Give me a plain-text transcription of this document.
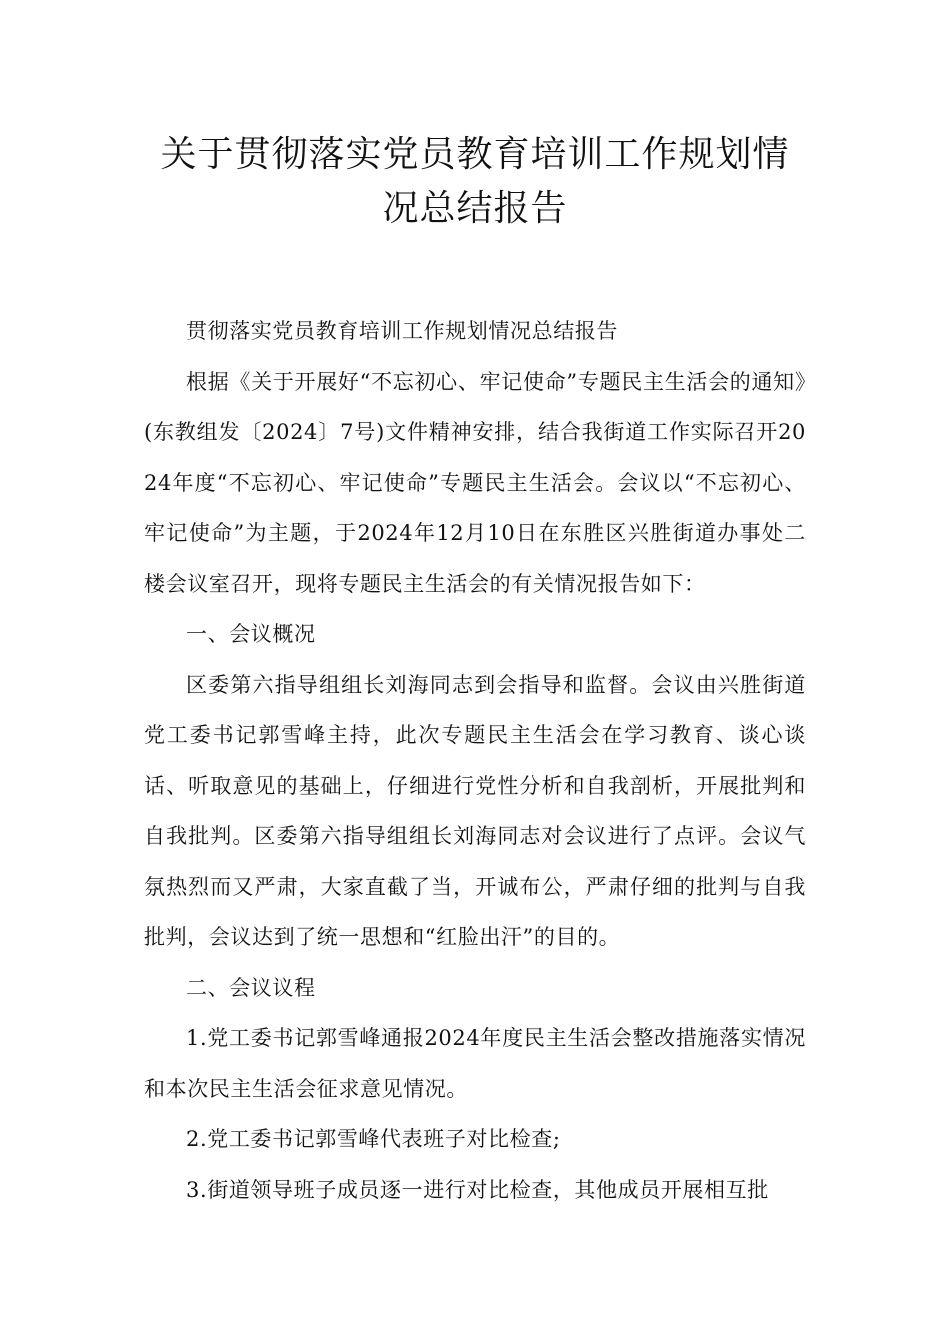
关于贯彻落实党员教育培训工作规划情
况总结报告

贯彻落实党员教育培训工作规划情况总结报告

根据《关于开展好“不忘初心、牢记使命”专题民主生活会的通知》(东教组发〔2024〕7号)文件精神安排，结合我街道工作实际召开2024年度“不忘初心、牢记使命”专题民主生活会。会议以“不忘初心、牢记使命”为主题，于2024年12月10日在东胜区兴胜街道办事处二楼会议室召开，现将专题民主生活会的有关情况报告如下：

一、会议概况

区委第六指导组组长刘海同志到会指导和监督。会议由兴胜街道党工委书记郭雪峰主持，此次专题民主生活会在学习教育、谈心谈话、听取意见的基础上，仔细进行党性分析和自我剖析，开展批判和自我批判。区委第六指导组组长刘海同志对会议进行了点评。会议气氛热烈而又严肃，大家直截了当，开诚布公，严肃仔细的批判与自我批判，会议达到了统一思想和“红脸出汗”的目的。

二、会议议程

1.党工委书记郭雪峰通报2024年度民主生活会整改措施落实情况和本次民主生活会征求意见情况。

2.党工委书记郭雪峰代表班子对比检查;

3.街道领导班子成员逐一进行对比检查，其他成员开展相互批
